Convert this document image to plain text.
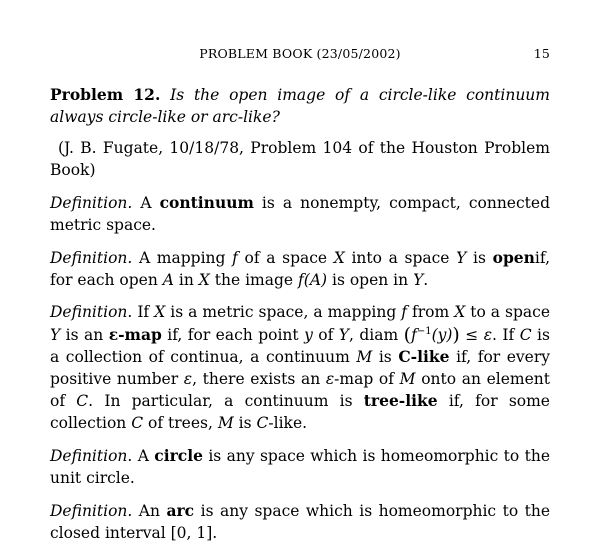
PROBLEM BOOK (23/05/2002)	15

Problem 12. Is the open image of a circle-like continuum always circle-like or arc-like?

(J. B. Fugate, 10/18/78, Problem 104 of the Houston Problem Book)

Definition. A continuum is a nonempty, compact, connected metric space.

Definition. A mapping f of a space X into a space Y is openif, for each open A in X the image f(A) is open in Y.

Definition. If X is a metric space, a mapping f from X to a space Y is an ε-map if, for each point y of Y, diam $(f^{-1}(y)) \le \varepsilon$. If C is a collection of continua, a continuum M is C-like if, for every positive number ε, there exists an ε-map of M onto an element of C. In particular, a continuum is tree-like if, for some collection C of trees, M is C-like.

Definition. A circle is any space which is homeomorphic to the unit circle.

Definition. An arc is any space which is homeomorphic to the closed interval [0, 1].
